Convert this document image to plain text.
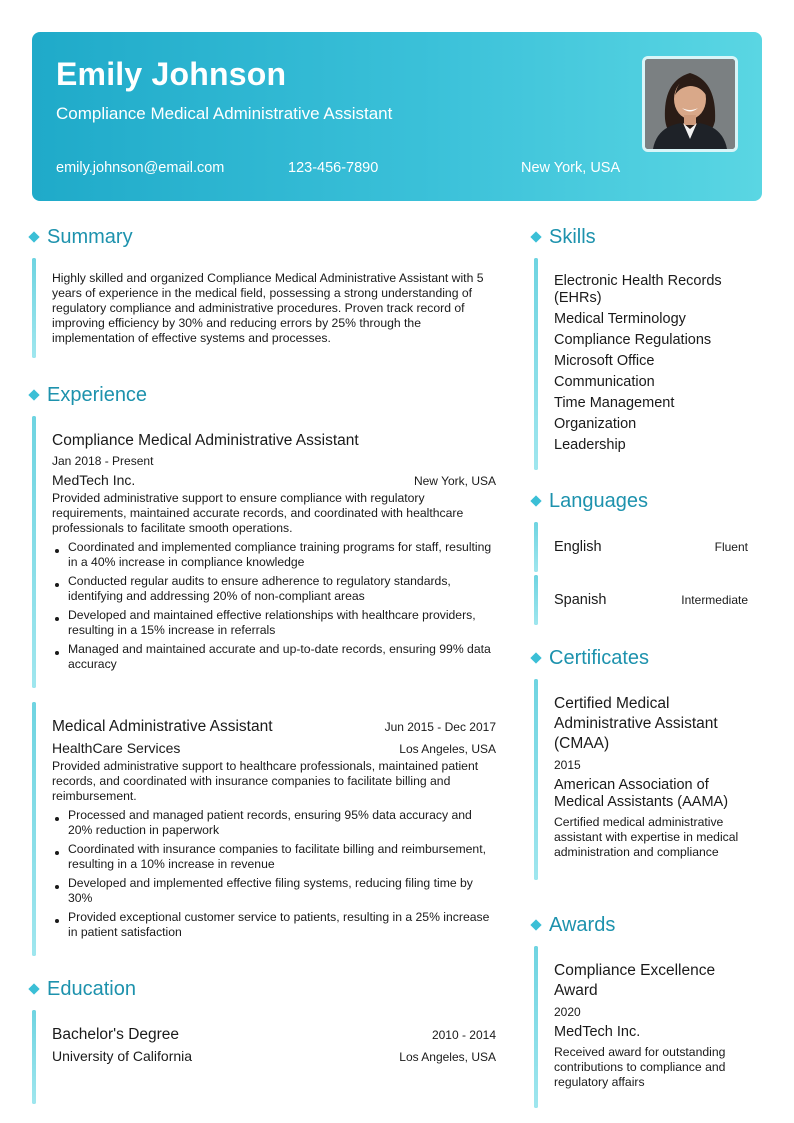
Emily Johnson
Compliance Medical Administrative Assistant
emily.johnson@email.com	123-456-7890	New York, USA
Summary
Highly skilled and organized Compliance Medical Administrative Assistant with 5 years of experience in the medical field, possessing a strong understanding of regulatory compliance and administrative procedures. Proven track record of improving efficiency by 30% and reducing errors by 25% through the implementation of effective systems and processes.
Experience
Compliance Medical Administrative Assistant
Jan 2018 - Present
MedTech Inc.	New York, USA
Provided administrative support to ensure compliance with regulatory requirements, maintained accurate records, and coordinated with healthcare professionals to facilitate smooth operations.
Coordinated and implemented compliance training programs for staff, resulting in a 40% increase in compliance knowledge
Conducted regular audits to ensure adherence to regulatory standards, identifying and addressing 20% of non-compliant areas
Developed and maintained effective relationships with healthcare providers, resulting in a 15% increase in referrals
Managed and maintained accurate and up-to-date records, ensuring 99% data accuracy
Medical Administrative Assistant	Jun 2015 - Dec 2017
HealthCare Services	Los Angeles, USA
Provided administrative support to healthcare professionals, maintained patient records, and coordinated with insurance companies to facilitate billing and reimbursement.
Processed and managed patient records, ensuring 95% data accuracy and 20% reduction in paperwork
Coordinated with insurance companies to facilitate billing and reimbursement, resulting in a 10% increase in revenue
Developed and implemented effective filing systems, reducing filing time by 30%
Provided exceptional customer service to patients, resulting in a 25% increase in patient satisfaction
Education
Bachelor's Degree	2010 - 2014
University of California	Los Angeles, USA
Skills
Electronic Health Records (EHRs)
Medical Terminology
Compliance Regulations
Microsoft Office
Communication
Time Management
Organization
Leadership
Languages
English	Fluent
Spanish	Intermediate
Certificates
Certified Medical Administrative Assistant (CMAA)
2015
American Association of Medical Assistants (AAMA)
Certified medical administrative assistant with expertise in medical administration and compliance
Awards
Compliance Excellence Award
2020
MedTech Inc.
Received award for outstanding contributions to compliance and regulatory affairs
